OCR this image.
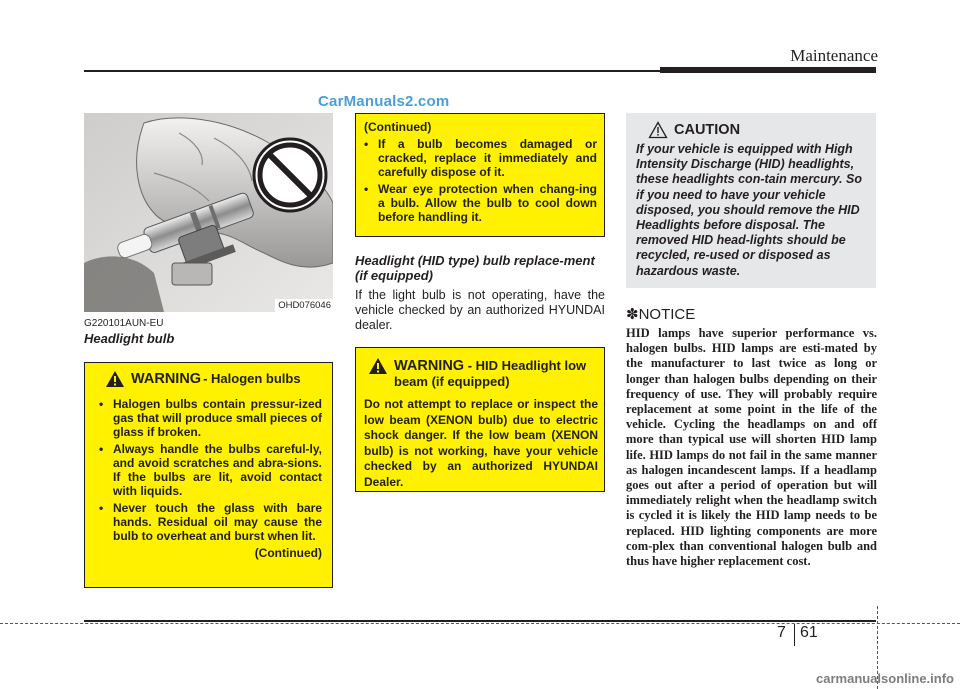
Maintenance
CarManuals2.com
OHD076046
G220101AUN-EU
Headlight bulb
WARNING - Halogen bulbs
• Halogen bulbs contain pressur-ized gas that will produce small pieces of glass if broken.
• Always handle the bulbs careful-ly, and avoid scratches and abra-sions. If the bulbs are lit, avoid contact with liquids.
• Never touch the glass with bare hands. Residual oil may cause the bulb to overheat and burst when lit.
(Continued)
(Continued)
• If a bulb becomes damaged or cracked, replace it immediately and carefully dispose of it.
• Wear eye protection when chang-ing a bulb. Allow the bulb to cool down before handling it.
Headlight (HID type) bulb replace-ment (if equipped)
If the light bulb is not operating, have the vehicle checked by an authorized HYUNDAI dealer.
WARNING - HID Headlight low beam (if equipped)
Do not attempt to replace or inspect the low beam (XENON bulb) due to electric shock danger. If the low beam (XENON bulb) is not working, have your vehicle checked by an authorized HYUNDAI Dealer.
CAUTION
If your vehicle is equipped with High Intensity Discharge (HID) headlights, these headlights con-tain mercury. So if you need to have your vehicle disposed, you should remove the HID Headlights before disposal. The removed HID head-lights should be recycled, re-used or disposed as hazardous waste.
✽NOTICE
HID lamps have superior performance vs. halogen bulbs. HID lamps are esti-mated by the manufacturer to last twice as long or longer than halogen bulbs depending on their frequency of use. They will probably require replacement at some point in the life of the vehicle. Cycling the headlamps on and off more than typical use will shorten HID lamp life. HID lamps do not fail in the same manner as halogen incandescent lamps. If a headlamp goes out after a period of operation but will immediately relight when the headlamp switch is cycled it is likely the HID lamp needs to be replaced. HID lighting components are more com-plex than conventional halogen bulb and thus have higher replacement cost.
7 61
carmanualsonline.info
